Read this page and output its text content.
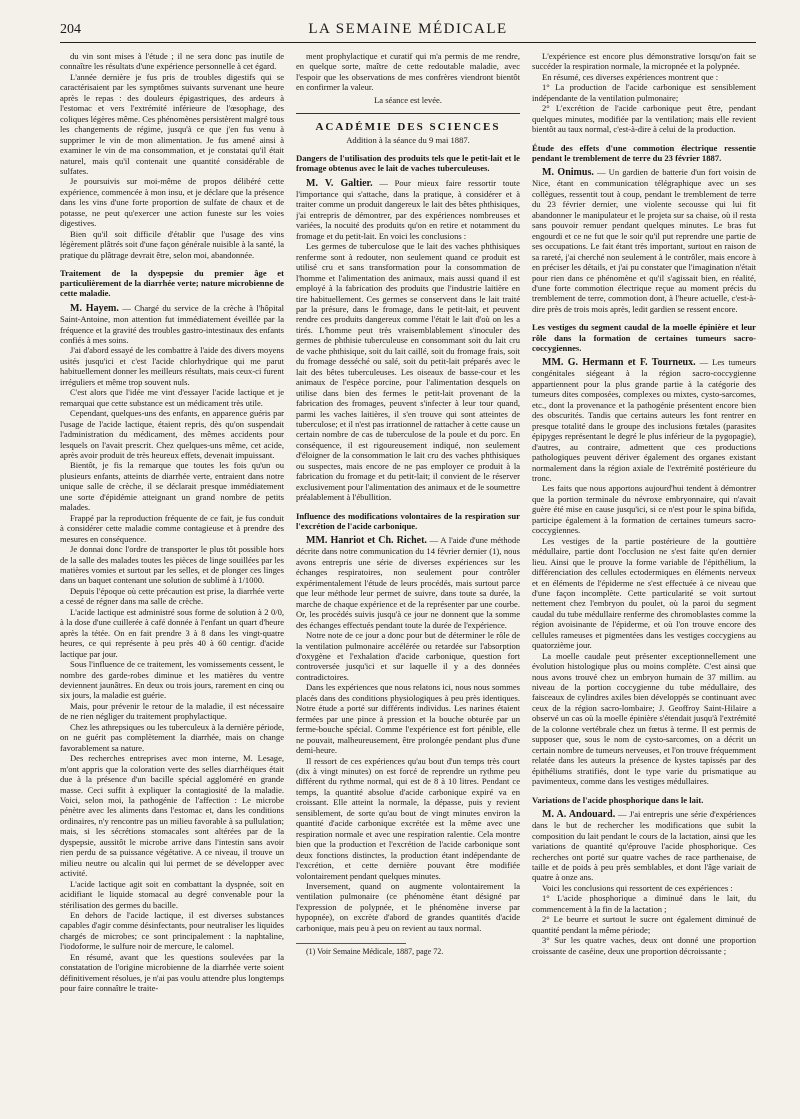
204	LA SEMAINE MÉDICALE

du vin sont mises à l'étude ; il ne sera donc pas inutile de connaître les résultats d'une expérience personnelle à cet égard.

L'année dernière je fus pris de troubles digestifs qui se caractérisaient par les symptômes suivants survenant une heure après le repas : des douleurs épigastriques, des ardeurs à l'estomac et vers l'extrémité inférieure de l'œsophage, des coliques légères même. Ces phénomènes persistèrent malgré tous les changements de régime, jusqu'à ce que j'en fus venu à supprimer le vin de mon alimentation. Je fus amené ainsi à examiner le vin de ma consommation, et je constatai qu'il était naturel, mais qu'il contenait une quantité considérable de sulfates.

Je poursuivis sur moi-même de propos délibéré cette expérience, commencée à mon insu, et je déclare que la présence dans les vins d'une forte proportion de sulfate de chaux et de potasse, ne peut qu'exercer une action funeste sur les voies digestives.

Bien qu'il soit difficile d'établir que l'usage des vins légèrement plâtrés soit d'une façon générale nuisible à la santé, la pratique du plâtrage devrait être, selon moi, abandonnée.

Traitement de la dyspepsie du premier âge et particulièrement de la diarrhée verte; nature microbienne de cette maladie.

M. Hayem. — Chargé du service de la crèche à l'hôpital Saint-Antoine, mon attention fut immédiatement éveillée par la fréquence et la gravité des troubles gastro-intestinaux des enfants confiés à mes soins.

J'ai d'abord essayé de les combattre à l'aide des divers moyens usités jusqu'ici et c'est l'acide chlorhydrique qui me parut habituellement donner les meilleurs résultats, mais ceux-ci furent irréguliers et même trop souvent nuls.

C'est alors que l'idée me vint d'essayer l'acide lactique et je remarquai que cette substance est un médicament très utile.

Cependant, quelques-uns des enfants, en apparence guéris par l'usage de l'acide lactique, étaient repris, dès qu'on suspendait l'administration du médicament, des mêmes accidents pour lesquels on l'avait prescrit. Chez quelques-uns même, cet acide, après avoir produit de très heureux effets, devenait impuissant.

Bientôt, je fis la remarque que toutes les fois qu'un ou plusieurs enfants, atteints de diarrhée verte, entraient dans notre unique salle de crèche, il se déclarait presque immédiatement une sorte d'épidémie atteignant un grand nombre de petits malades.

Frappé par la reproduction fréquente de ce fait, je fus conduit à considérer cette maladie comme contagieuse et à prendre des mesures en conséquence.

Je donnai donc l'ordre de transporter le plus tôt possible hors de la salle des malades toutes les pièces de linge souillées par les matières vomies et surtout par les selles, et de plonger ces linges dans un baquet contenant une solution de sublimé à 1/1000.

Depuis l'époque où cette précaution est prise, la diarrhée verte a cessé de régner dans ma salle de crèche.

L'acide lactique est administré sous forme de solution à 2 0/0, à la dose d'une cuillerée à café donnée à l'enfant un quart d'heure après la tétée. On en fait prendre 3 à 8 dans les vingt-quatre heures, ce qui représente à peu près 40 à 60 centigr. d'acide lactique par jour.

Sous l'influence de ce traitement, les vomissements cessent, le nombre des garde-robes diminue et les matières du ventre deviennent jaunâtres. En deux ou trois jours, rarement en cinq ou six jours, la maladie est guérie.

Mais, pour prévenir le retour de la maladie, il est nécessaire de ne rien négliger du traitement prophylactique.

Chez les athrepsiques ou les tuberculeux à la dernière période, on ne guérit pas complètement la diarrhée, mais on change favorablement sa nature.

Des recherches entreprises avec mon interne, M. Lesage, m'ont appris que la coloration verte des selles diarrhéiques était due à la présence d'un bacille spécial aggloméré en grande masse. Ceci suffit à expliquer la contagiosité de la maladie. Voici, selon moi, la pathogénie de l'affection : Le microbe pénètre avec les aliments dans l'estomac et, dans les conditions ordinaires, n'y rencontre pas un milieu favorable à sa pullulation; mais, si les sécrétions stomacales sont altérées par de la dyspepsie, aussitôt le microbe arrive dans l'intestin sans avoir rien perdu de sa puissance végétative. A ce niveau, il trouve un milieu neutre ou alcalin qui lui permet de se développer avec activité.

L'acide lactique agit soit en combattant la dyspnée, soit en acidifiant le liquide stomacal au degré convenable pour la stérilisation des germes du bacille.

En dehors de l'acide lactique, il est diverses substances capables d'agir comme désinfectants, pour neutraliser les liquides chargés de microbes; ce sont principalement : la naphtaline, l'iodoforme, le sulfure noir de mercure, le calomel.

En résumé, avant que les questions soulevées par la constatation de l'origine microbienne de la diarrhée verte soient définitivement résolues, je n'ai pas voulu attendre plus longtemps pour faire connaître le traite-

ment prophylactique et curatif qui m'a permis de me rendre, en quelque sorte, maître de cette redoutable maladie, avec l'espoir que les observations de mes confrères viendront bientôt en confirmer la valeur.

La séance est levée.

ACADÉMIE DES SCIENCES
Addition à la séance du 9 mai 1887.

Dangers de l'utilisation des produits tels que le petit-lait et le fromage obtenus avec le lait de vaches tuberculeuses.

M. V. Galtier. — Pour mieux faire ressortir toute l'importance qui s'attache, dans la pratique, à considérer et à traiter comme un produit dangereux le lait des bêtes phthisiques, j'ai entrepris de démontrer, par des expériences nombreuses et variées, la nocuité des produits qu'on en retire et notamment du fromage et du petit-lait. En voici les conclusions :

Les germes de tuberculose que le lait des vaches phthisiques renferme sont à redouter, non seulement quand ce produit est utilisé cru et sans transformation pour la consommation de l'homme et l'alimentation des animaux, mais aussi quand il est employé à la fabrication des produits que l'industrie laitière en tire habituellement. Ces germes se conservent dans le lait traité par la présure, dans le fromage, dans le petit-lait, et peuvent rendre ces produits dangereux comme l'était le lait d'où on les a tirés. L'homme peut très vraisemblablement s'inoculer des germes de phthisie tuberculeuse en consommant soit du lait cru de vache phthisique, soit du lait caillé, soit du fromage frais, soit du fromage desséché ou salé, soit du petit-lait préparés avec le lait des bêtes tuberculeuses. Les oiseaux de basse-cour et les animaux de l'espèce porcine, pour l'alimentation desquels on utilise dans bien des fermes le petit-lait provenant de la fabrication des fromages, peuvent s'infecter à leur tour quand, parmi les vaches laitières, il s'en trouve qui sont atteintes de tuberculose; et il n'est pas irrationnel de rattacher à cette cause un certain nombre de cas de tuberculose de la poule et du porc. En conséquence, il est rigoureusement indiqué, non seulement d'éloigner de la consommation le lait cru des vaches phthisiques ou suspectes, mais encore de ne pas employer ce produit à la fabrication du fromage et du petit-lait; il convient de le réserver exclusivement pour l'alimentation des animaux et de le soumettre préalablement à l'ébullition.

Influence des modifications volontaires de la respiration sur l'excrétion de l'acide carbonique.

MM. Hanriot et Ch. Richet. — A l'aide d'une méthode décrite dans notre communication du 14 février dernier (1), nous avons entrepris une série de diverses expériences sur les échanges respiratoires, non seulement pour contrôler expérimentalement l'étude de leurs procédés, mais surtout parce que leur méthode leur permet de suivre, dans toute sa durée, la marche de chaque expérience et de la représenter par une courbe. Or, les procédés suivis jusqu'à ce jour ne donnent que la somme des échanges effectués pendant toute la durée de l'expérience.

Notre note de ce jour a donc pour but de déterminer le rôle de la ventilation pulmonaire accélérée ou retardée sur l'absorption d'oxygène et l'exhalation d'acide carbonique, question fort controversée jusqu'ici et sur laquelle il y a des données contradictoires.

Dans les expériences que nous relatons ici, nous nous sommes placés dans des conditions physiologiques à peu près identiques. Notre étude a porté sur différents individus. Les narines étaient fermées par une pince à pression et la bouche obturée par un ferme-bouche spécial. Comme l'expérience est fort pénible, elle ne pouvait, malheureusement, être prolongée pendant plus d'une demi-heure.

Il ressort de ces expériences qu'au bout d'un temps très court (dix à vingt minutes) on est forcé de reprendre un rythme peu différent du rythme normal, qui est de 8 à 10 litres. Pendant ce temps, la quantité absolue d'acide carbonique expiré va en croissant. Elle atteint la normale, la dépasse, puis y revient sensiblement, de sorte qu'au bout de vingt minutes environ la quantité d'acide carbonique excrétée est la même avec une respiration normale et avec une respiration ralentie. Cela montre bien que la production et l'excrétion de l'acide carbonique sont deux fonctions distinctes, la production étant indépendante de l'excrétion, et cette dernière pouvant être modifiée volontairement pendant quelques minutes.

Inversement, quand on augmente volontairement la ventilation pulmonaire (ce phénomène étant désigné par l'expression de polypnée, et le phénomène inverse par hypopnée), on excrète d'abord de grandes quantités d'acide carbonique, mais peu à peu on revient au taux normal.

(1) Voir Semaine Médicale, 1887, page 72.

L'expérience est encore plus démonstrative lorsqu'on fait se succéder la respiration normale, la micropnée et la polypnée.

En résumé, ces diverses expériences montrent que :

1° La production de l'acide carbonique est sensiblement indépendante de la ventilation pulmonaire;

2° L'excrétion de l'acide carbonique peut être, pendant quelques minutes, modifiée par la ventilation; mais elle revient bientôt au taux normal, c'est-à-dire à celui de la production.

Étude des effets d'une commotion électrique ressentie pendant le tremblement de terre du 23 février 1887.

M. Onimus. — Un gardien de batterie d'un fort voisin de Nice, étant en communication télégraphique avec un ses collègues, ressentit tout à coup, pendant le tremblement de terre du 23 février dernier, une violente secousse qui lui fit abandonner le manipulateur et le projeta sur sa chaise, où il resta sans pouvoir remuer pendant quelques minutes. Le bras fut engourdi et ce ne fut que le soir qu'il put reprendre une partie de ses occupations. Le fait étant très important, surtout en raison de sa rareté, j'ai cherché non seulement à le contrôler, mais encore à en préciser les détails, et j'ai pu constater que l'imagination n'était pour rien dans ce phénomène et qu'il s'agissait bien, en réalité, d'une forte commotion électrique reçue au moment précis du tremblement de terre, commotion dont, à l'heure actuelle, c'est-à-dire près de trois mois après, ledit gardien se ressent encore.

Les vestiges du segment caudal de la moelle épinière et leur rôle dans la formation de certaines tumeurs sacro-coccygiennes.

MM. G. Hermann et F. Tourneux. — Les tumeurs congénitales siégeant à la région sacro-coccygienne appartiennent pour la plus grande partie à la catégorie des tumeurs dites composées, complexes ou mixtes, cysto-sarcomes, etc., dont la provenance et la pathogénie présentent encore bien des obscurités. Tandis que certains auteurs les font rentrer en presque totalité dans le groupe des inclusions fœtales (parasites épipyges représentant le degré le plus inférieur de la pygopagie), d'autres, au contraire, admettent que ces productions pathologiques peuvent dériver également des organes existant normalement dans la région axiale de l'extrémité postérieure du tronc.

Les faits que nous apportons aujourd'hui tendent à démontrer que la portion terminale du névroxe embryonnaire, qui n'avait guère été mise en cause jusqu'ici, si ce n'est pour le spina bifida, participe également à la formation de certaines tumeurs sacro-coccygiennes.

Les vestiges de la partie postérieure de la gouttière médullaire, partie dont l'occlusion ne s'est faite qu'en dernier lieu. Ainsi que le prouve la forme variable de l'épithélium, la différenciation des cellules ectodermiques en éléments nerveux et en éléments de l'épiderme ne s'est effectuée à ce niveau que d'une façon incomplète. Cette particularité se voit surtout nettement chez l'embryon du poulet, où la paroi du segment caudal du tube médullaire renferme des chromoblastes comme la région avoisinante de l'épiderme, et où l'on trouve encore des cellules rameuses et pigmentées dans les vestiges coccygiens au quatorzième jour.

La moelle caudale peut présenter exceptionnellement une évolution histologique plus ou moins complète. C'est ainsi que nous avons trouvé chez un embryon humain de 37 millim. au niveau de la portion coccygienne du tube médullaire, des faisceaux de cylindres axiles bien développés se continuant avec ceux de la région sacro-lombaire; J. Geoffroy Saint-Hilaire a observé un cas où la moelle épinière s'étendait jusqu'à l'extrémité de la colonne vertébrale chez un fœtus à terme. Il est permis de supposer que, sous le nom de cysto-sarcomes, on a décrit un certain nombre de tumeurs nerveuses, et l'on trouve fréquemment relatée dans les auteurs la présence de kystes tapissés par des épithéliums stratifiés, dont le type varie du prismatique au pavimenteux, comme dans les vestiges médullaires.

Variations de l'acide phosphorique dans le lait.

M. A. Andouard. — J'ai entrepris une série d'expériences dans le but de rechercher les modifications que subit la composition du lait pendant le cours de la lactation, ainsi que les variations de quantité qu'éprouve l'acide phosphorique. Ces recherches ont porté sur quatre vaches de race parthenaise, de taille et de poids à peu près semblables, et dont l'âge variait de quatre à onze ans.

Voici les conclusions qui ressortent de ces expériences :

1° L'acide phosphorique a diminué dans le lait, du commencement à la fin de la lactation ;

2° Le beurre et surtout le sucre ont également diminué de quantité pendant la même période;

3° Sur les quatre vaches, deux ont donné une proportion croissante de caséine, deux une proportion décroissante ;
